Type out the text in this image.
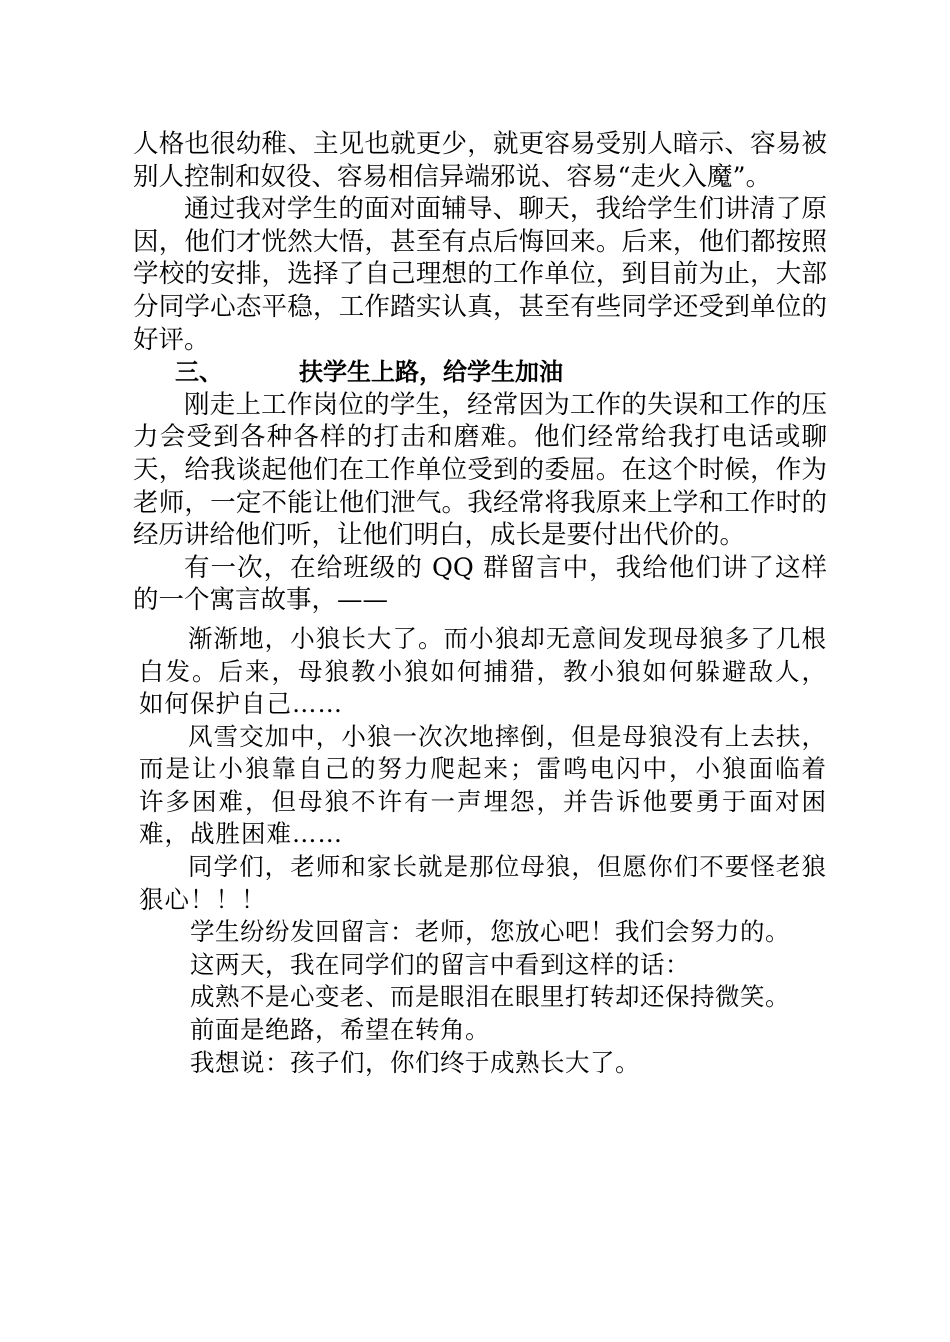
人格也很幼稚、主见也就更少，就更容易受别人暗示、容易被别人控制和奴役、容易相信异端邪说、容易“走火入魔”。

通过我对学生的面对面辅导、聊天，我给学生们讲清了原因，他们才恍然大悟，甚至有点后悔回来。后来，他们都按照学校的安排，选择了自己理想的工作单位，到目前为止，大部分同学心态平稳，工作踏实认真，甚至有些同学还受到单位的好评。

三、	扶学生上路，给学生加油

刚走上工作岗位的学生，经常因为工作的失误和工作的压力会受到各种各样的打击和磨难。他们经常给我打电话或聊天，给我谈起他们在工作单位受到的委屈。在这个时候，作为老师，一定不能让他们泄气。我经常将我原来上学和工作时的经历讲给他们听，让他们明白，成长是要付出代价的。

有一次，在给班级的 QQ 群留言中，我给他们讲了这样的一个寓言故事，——

渐渐地，小狼长大了。而小狼却无意间发现母狼多了几根白发。后来，母狼教小狼如何捕猎，教小狼如何躲避敌人，如何保护自己……

风雪交加中，小狼一次次地摔倒，但是母狼没有上去扶，而是让小狼靠自己的努力爬起来；雷鸣电闪中，小狼面临着许多困难，但母狼不许有一声埋怨，并告诉他要勇于面对困难，战胜困难……

同学们，老师和家长就是那位母狼，但愿你们不要怪老狼狠心！！！

学生纷纷发回留言：老师，您放心吧！我们会努力的。

这两天，我在同学们的留言中看到这样的话：

成熟不是心变老、而是眼泪在眼里打转却还保持微笑。

前面是绝路，希望在转角。

我想说：孩子们，你们终于成熟长大了。
